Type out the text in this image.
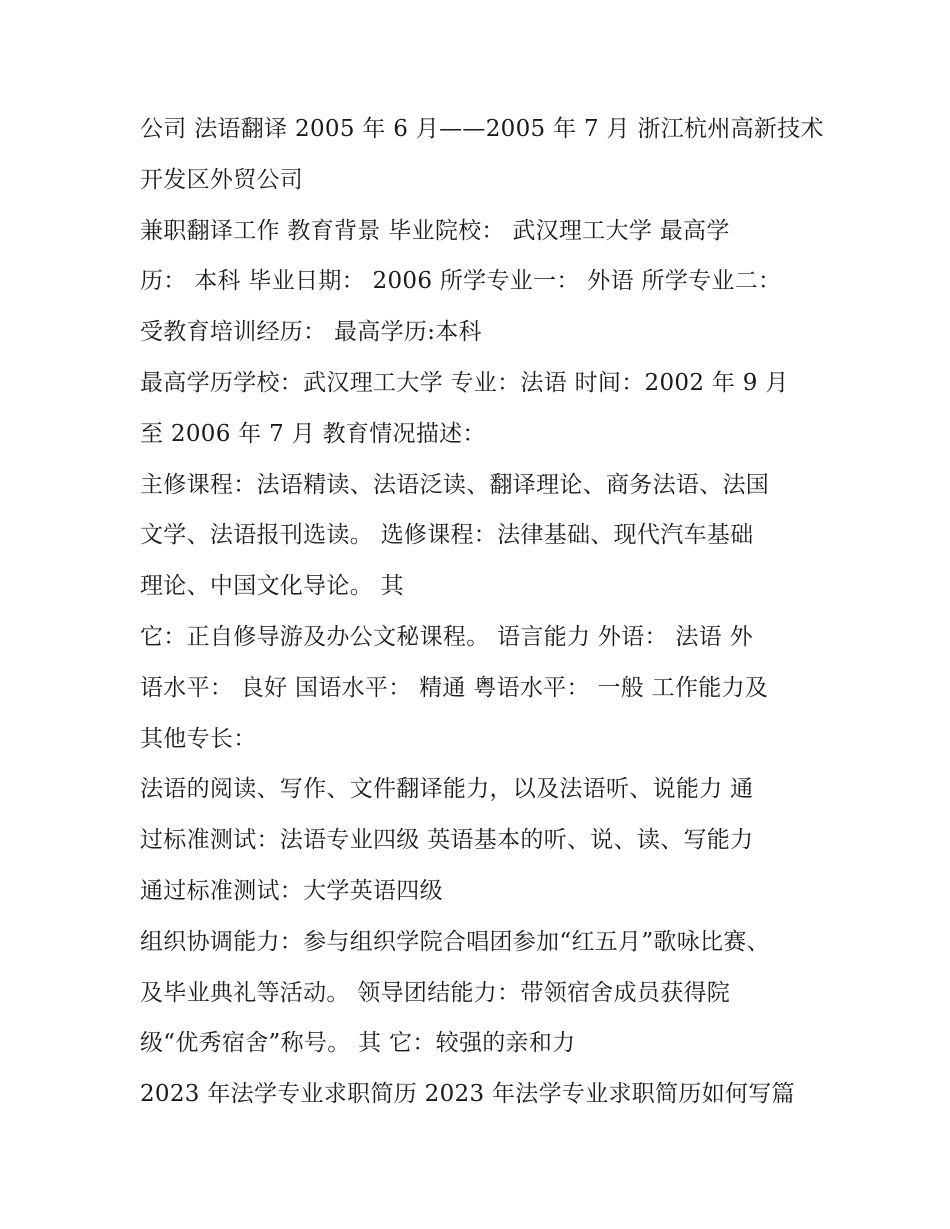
公司 法语翻译 2005 年 6 月——2005 年 7 月 浙江杭州高新技术
开发区外贸公司
兼职翻译工作 教育背景 毕业院校： 武汉理工大学 最高学
历： 本科 毕业日期： 2006 所学专业一： 外语 所学专业二：
受教育培训经历： 最高学历:本科
最高学历学校：武汉理工大学 专业：法语 时间：2002 年 9 月
至 2006 年 7 月 教育情况描述：
主修课程：法语精读、法语泛读、翻译理论、商务法语、法国
文学、法语报刊选读。 选修课程：法律基础、现代汽车基础
理论、中国文化导论。 其
它：正自修导游及办公文秘课程。 语言能力 外语： 法语 外
语水平： 良好 国语水平： 精通 粤语水平： 一般 工作能力及
其他专长：
法语的阅读、写作、文件翻译能力，以及法语听、说能力 通
过标准测试：法语专业四级 英语基本的听、说、读、写能力
通过标准测试：大学英语四级
组织协调能力：参与组织学院合唱团参加“红五月”歌咏比赛、
及毕业典礼等活动。 领导团结能力：带领宿舍成员获得院
级“优秀宿舍”称号。 其 它：较强的亲和力
2023 年法学专业求职简历 2023 年法学专业求职简历如何写篇
